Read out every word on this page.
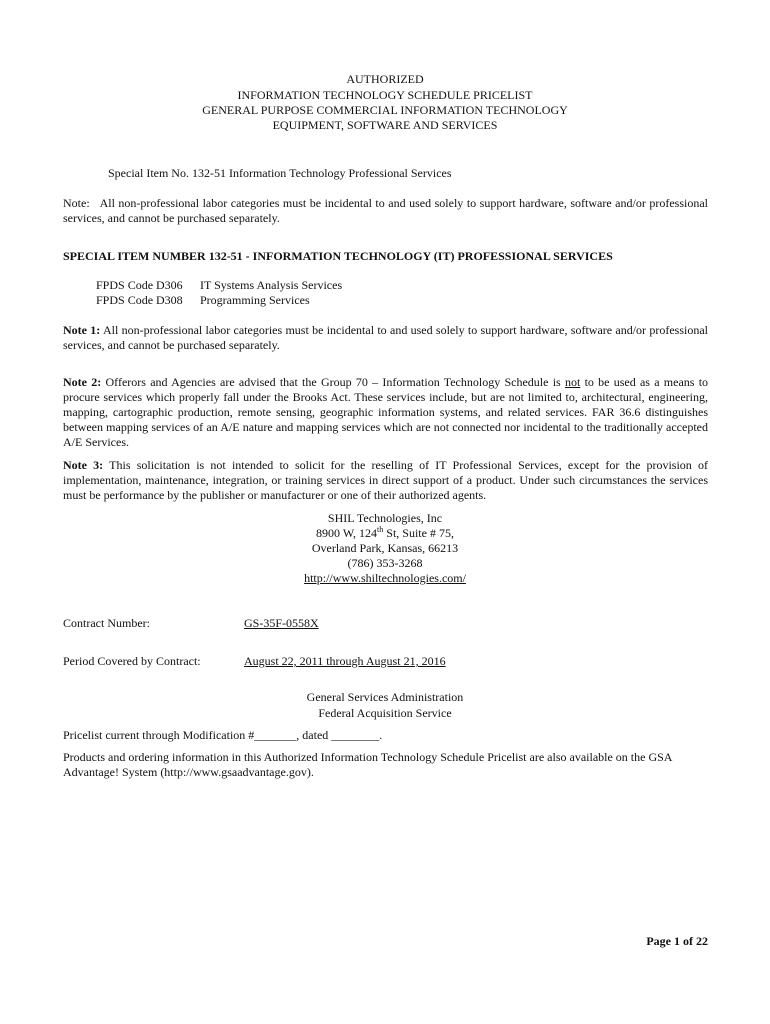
AUTHORIZED
INFORMATION TECHNOLOGY SCHEDULE PRICELIST
GENERAL PURPOSE COMMERCIAL INFORMATION TECHNOLOGY
EQUIPMENT, SOFTWARE AND SERVICES
Special Item No. 132-51 Information Technology Professional Services
Note: All non-professional labor categories must be incidental to and used solely to support hardware, software and/or professional services, and cannot be purchased separately.
SPECIAL ITEM NUMBER 132-51 - INFORMATION TECHNOLOGY (IT) PROFESSIONAL SERVICES
FPDS Code D306 IT Systems Analysis Services
FPDS Code D308 Programming Services
Note 1: All non-professional labor categories must be incidental to and used solely to support hardware, software and/or professional services, and cannot be purchased separately.
Note 2: Offerors and Agencies are advised that the Group 70 – Information Technology Schedule is not to be used as a means to procure services which properly fall under the Brooks Act. These services include, but are not limited to, architectural, engineering, mapping, cartographic production, remote sensing, geographic information systems, and related services. FAR 36.6 distinguishes between mapping services of an A/E nature and mapping services which are not connected nor incidental to the traditionally accepted A/E Services.
Note 3: This solicitation is not intended to solicit for the reselling of IT Professional Services, except for the provision of implementation, maintenance, integration, or training services in direct support of a product. Under such circumstances the services must be performance by the publisher or manufacturer or one of their authorized agents.
SHIL Technologies, Inc
8900 W, 124th St, Suite # 75,
Overland Park, Kansas, 66213
(786) 353-3268
http://www.shiltechnologies.com/
Contract Number:	GS-35F-0558X
Period Covered by Contract:	August 22, 2011 through August 21, 2016
General Services Administration
Federal Acquisition Service
Pricelist current through Modification #_______, dated ________.
Products and ordering information in this Authorized Information Technology Schedule Pricelist are also available on the GSA Advantage! System (http://www.gsaadvantage.gov).
Page 1 of 22
